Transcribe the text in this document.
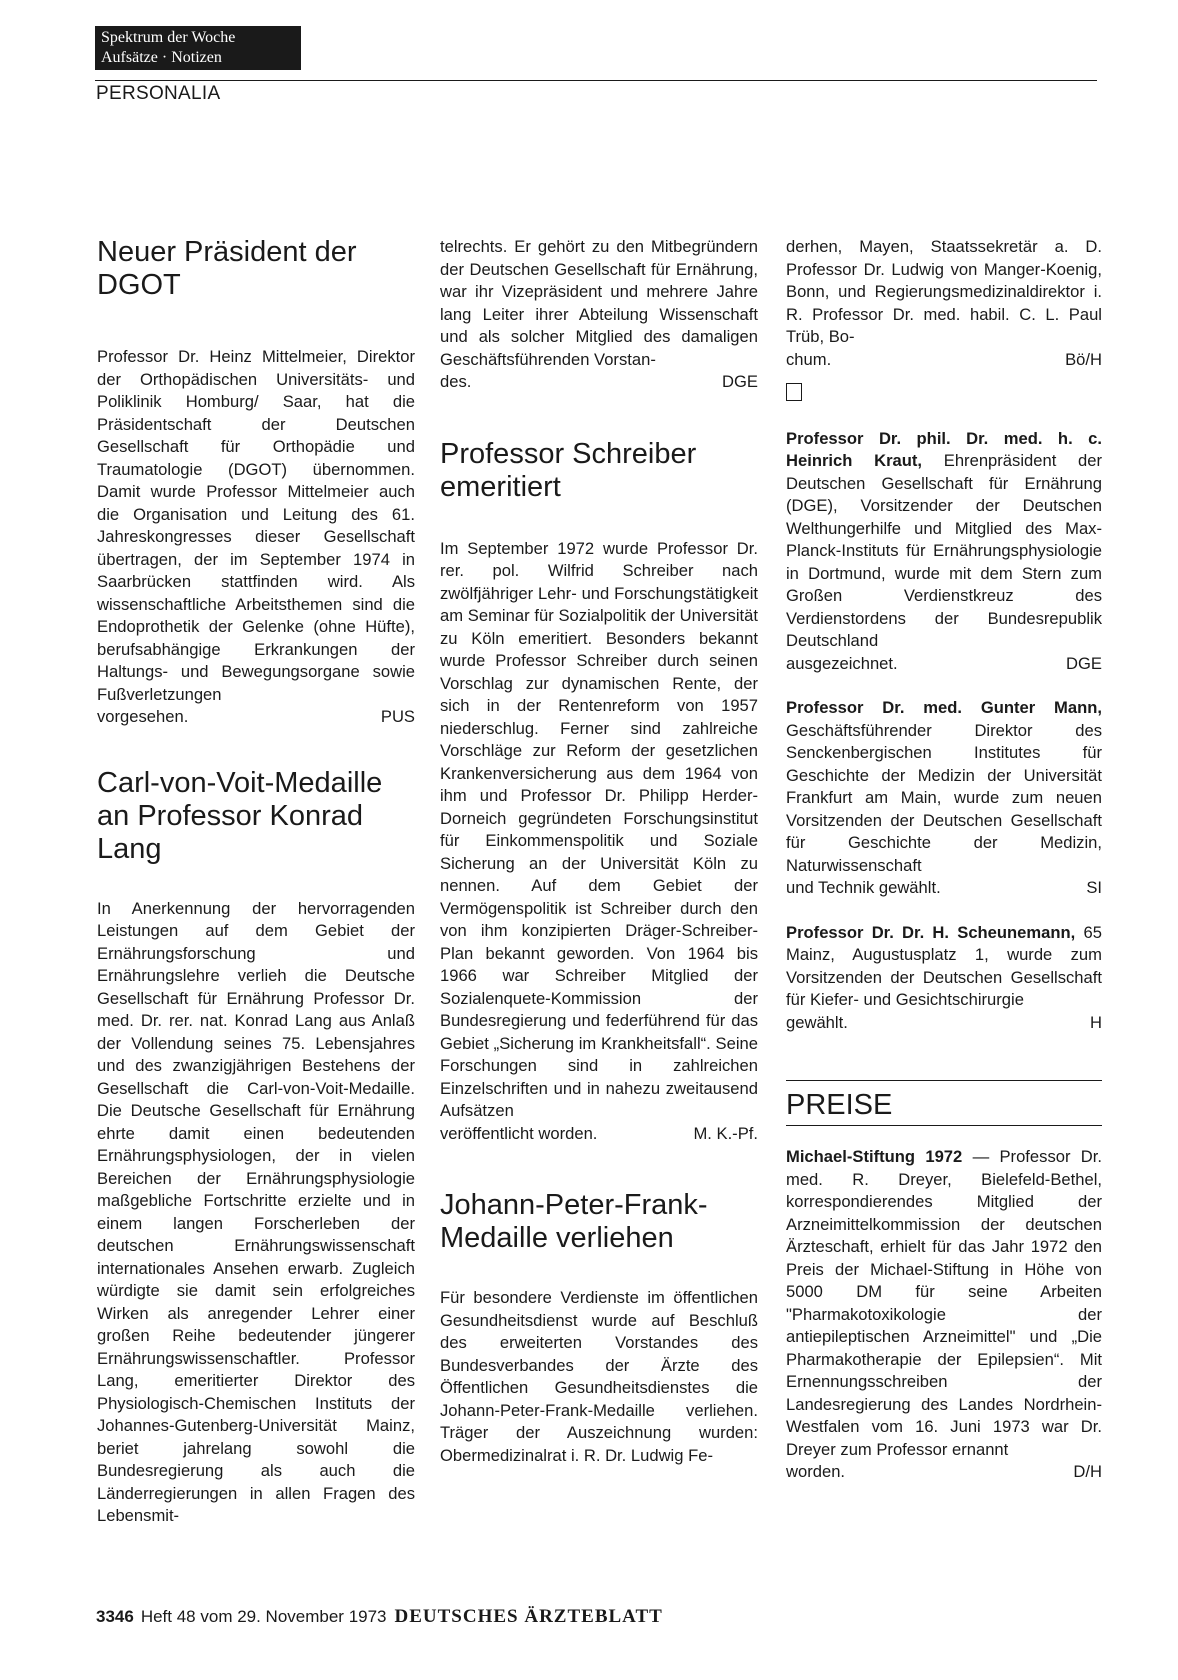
Spektrum der Woche
Aufsätze · Notizen
PERSONALIA
Neuer Präsident der DGOT

Professor Dr. Heinz Mittelmeier, Direktor der Orthopädischen Universitäts- und Poliklinik Homburg/ Saar, hat die Präsidentschaft der Deutschen Gesellschaft für Orthopädie und Traumatologie (DGOT) übernommen. Damit wurde Professor Mittelmeier auch die Organisation und Leitung des 61. Jahreskongresses dieser Gesellschaft übertragen, der im September 1974 in Saarbrücken stattfinden wird. Als wissenschaftliche Arbeitsthemen sind die Endoprothetik der Gelenke (ohne Hüfte), berufsabhängige Erkrankungen der Haltungs- und Bewegungsorgane sowie Fußverletzungen

vorgesehen.	PUS
Carl-von-Voit-Medaille an Professor Konrad Lang

In Anerkennung der hervorragenden Leistungen auf dem Gebiet der Ernährungsforschung und Ernährungslehre verlieh die Deutsche Gesellschaft für Ernährung Professor Dr. med. Dr. rer. nat. Konrad Lang aus Anlaß der Vollendung seines 75. Lebensjahres und des zwanzigjährigen Bestehens der Gesellschaft die Carl-von-Voit-Medaille. Die Deutsche Gesellschaft für Ernährung ehrte damit einen bedeutenden Ernährungsphysiologen, der in vielen Bereichen der Ernährungsphysiologie maßgebliche Fortschritte erzielte und in einem langen Forscherleben der deutschen Ernährungswissenschaft internationales Ansehen erwarb. Zugleich würdigte sie damit sein erfolgreiches Wirken als anregender Lehrer einer großen Reihe bedeutender jüngerer Ernährungswissenschaftler. Professor Lang, emeritierter Direktor des Physiologisch-Chemischen Instituts der Johannes-Gutenberg-Universität Mainz, beriet jahrelang sowohl die Bundesregierung als auch die Länderregierungen in allen Fragen des Lebensmit-

telrechts. Er gehört zu den Mitbegründern der Deutschen Gesellschaft für Ernährung, war ihr Vizepräsident und mehrere Jahre lang Leiter ihrer Abteilung Wissenschaft und als solcher Mitglied des damaligen Geschäftsführenden Vorstan-

des.	DGE
Professor Schreiber emeritiert

Im September 1972 wurde Professor Dr. rer. pol. Wilfrid Schreiber nach zwölfjähriger Lehr- und Forschungstätigkeit am Seminar für Sozialpolitik der Universität zu Köln emeritiert. Besonders bekannt wurde Professor Schreiber durch seinen Vorschlag zur dynamischen Rente, der sich in der Rentenreform von 1957 niederschlug. Ferner sind zahlreiche Vorschläge zur Reform der gesetzlichen Krankenversicherung aus dem 1964 von ihm und Professor Dr. Philipp Herder-Dorneich gegründeten Forschungsinstitut für Einkommenspolitik und Soziale Sicherung an der Universität Köln zu nennen. Auf dem Gebiet der Vermögenspolitik ist Schreiber durch den von ihm konzipierten Dräger-Schreiber-Plan bekannt geworden. Von 1964 bis 1966 war Schreiber Mitglied der Sozialenquete-Kommission der Bundesregierung und federführend für das Gebiet „Sicherung im Krankheitsfall“. Seine Forschungen sind in zahlreichen Einzelschriften und in nahezu zweitausend Aufsätzen

veröffentlicht worden.	M. K.-Pf.
Johann-Peter-Frank-Medaille verliehen

Für besondere Verdienste im öffentlichen Gesundheitsdienst wurde auf Beschluß des erweiterten Vorstandes des Bundesverbandes der Ärzte des Öffentlichen Gesundheitsdienstes die Johann-Peter-Frank-Medaille verliehen. Träger der Auszeichnung wurden: Obermedizinalrat i. R. Dr. Ludwig Fe-

derhen, Mayen, Staatssekretär a. D. Professor Dr. Ludwig von Manger-Koenig, Bonn, und Regierungsmedizinaldirektor i. R. Professor Dr. med. habil. C. L. Paul Trüb, Bo-

chum.	Bö/H

Professor Dr. phil. Dr. med. h. c. Heinrich Kraut, Ehrenpräsident der Deutschen Gesellschaft für Ernährung (DGE), Vorsitzender der Deutschen Welthungerhilfe und Mitglied des Max-Planck-Instituts für Ernährungsphysiologie in Dortmund, wurde mit dem Stern zum Großen Verdienstkreuz des Verdienstordens der Bundesrepublik Deutschland

ausgezeichnet.	DGE

Professor Dr. med. Gunter Mann, Geschäftsführender Direktor des Senckenbergischen Institutes für Geschichte der Medizin der Universität Frankfurt am Main, wurde zum neuen Vorsitzenden der Deutschen Gesellschaft für Geschichte der Medizin, Naturwissenschaft

und Technik gewählt.	SI

Professor Dr. Dr. H. Scheunemann, 65 Mainz, Augustusplatz 1, wurde zum Vorsitzenden der Deutschen Gesellschaft für Kiefer- und Gesichtschirurgie

gewählt.	H
PREISE

Michael-Stiftung 1972 — Professor Dr. med. R. Dreyer, Bielefeld-Bethel, korrespondierendes Mitglied der Arzneimittelkommission der deutschen Ärzteschaft, erhielt für das Jahr 1972 den Preis der Michael-Stiftung in Höhe von 5000 DM für seine Arbeiten "Pharmakotoxikologie der antiepileptischen Arzneimittel" und „Die Pharmakotherapie der Epilepsien“. Mit Ernennungsschreiben der Landesregierung des Landes Nordrhein-Westfalen vom 16. Juni 1973 war Dr. Dreyer zum Professor ernannt

worden.	D/H
3346 Heft 48 vom 29. November 1973 DEUTSCHES ÄRZTEBLATT
